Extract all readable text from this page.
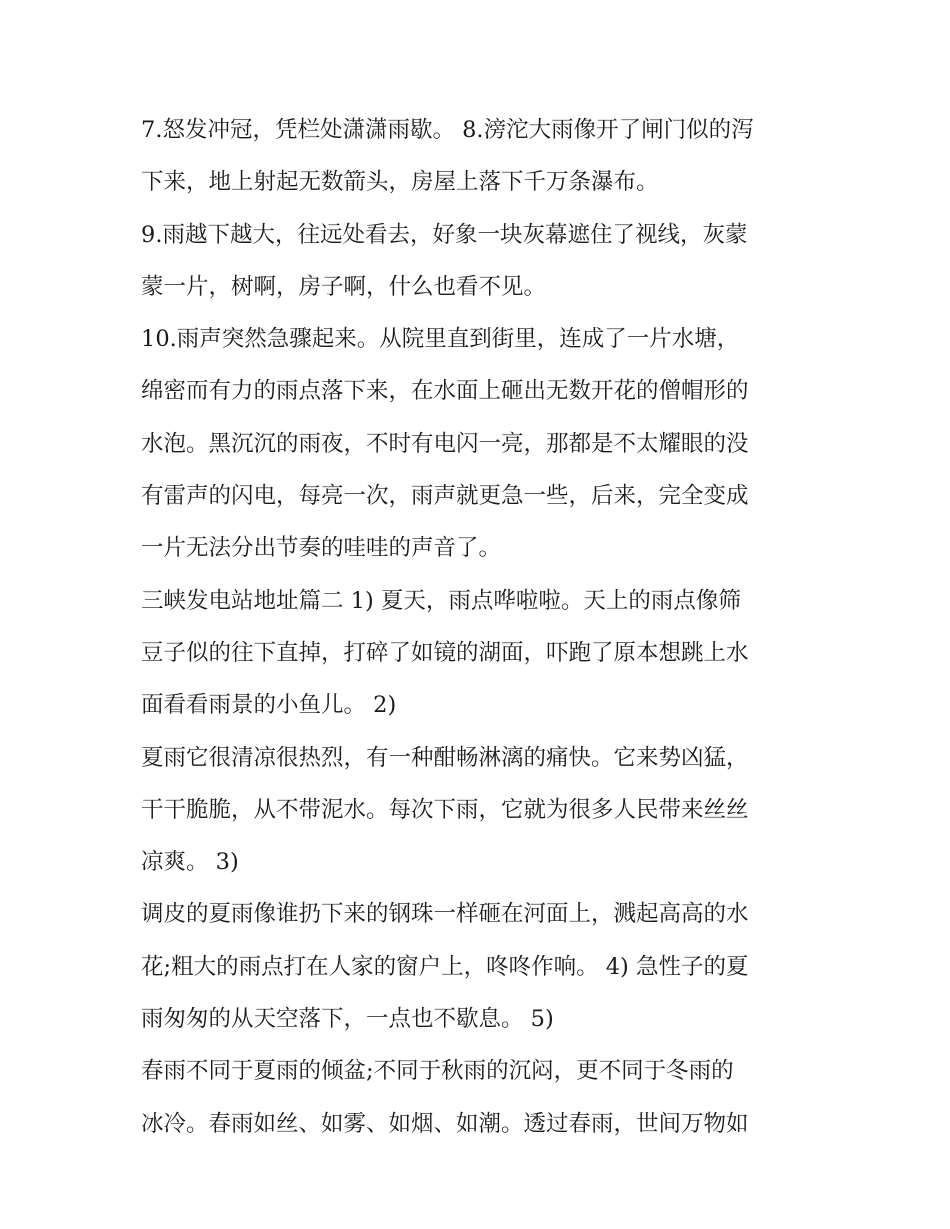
7.怒发冲冠，凭栏处潇潇雨歇。 8.滂沱大雨像开了闸门似的泻
下来，地上射起无数箭头，房屋上落下千万条瀑布。
9.雨越下越大，往远处看去，好象一块灰幕遮住了视线，灰蒙
蒙一片，树啊，房子啊，什么也看不见。
10.雨声突然急骤起来。从院里直到街里，连成了一片水塘，
绵密而有力的雨点落下来，在水面上砸出无数开花的僧帽形的
水泡。黑沉沉的雨夜，不时有电闪一亮，那都是不太耀眼的没
有雷声的闪电，每亮一次，雨声就更急一些，后来，完全变成
一片无法分出节奏的哇哇的声音了。
三峡发电站地址篇二 1) 夏天，雨点哗啦啦。天上的雨点像筛
豆子似的往下直掉，打碎了如镜的湖面，吓跑了原本想跳上水
面看看雨景的小鱼儿。 2)
夏雨它很清凉很热烈，有一种酣畅淋漓的痛快。它来势凶猛，
干干脆脆，从不带泥水。每次下雨，它就为很多人民带来丝丝
凉爽。 3)
调皮的夏雨像谁扔下来的钢珠一样砸在河面上，溅起高高的水
花;粗大的雨点打在人家的窗户上，咚咚作响。 4) 急性子的夏
雨匆匆的从天空落下，一点也不歇息。 5)
春雨不同于夏雨的倾盆;不同于秋雨的沉闷，更不同于冬雨的
冰冷。春雨如丝、如雾、如烟、如潮。透过春雨，世间万物如
